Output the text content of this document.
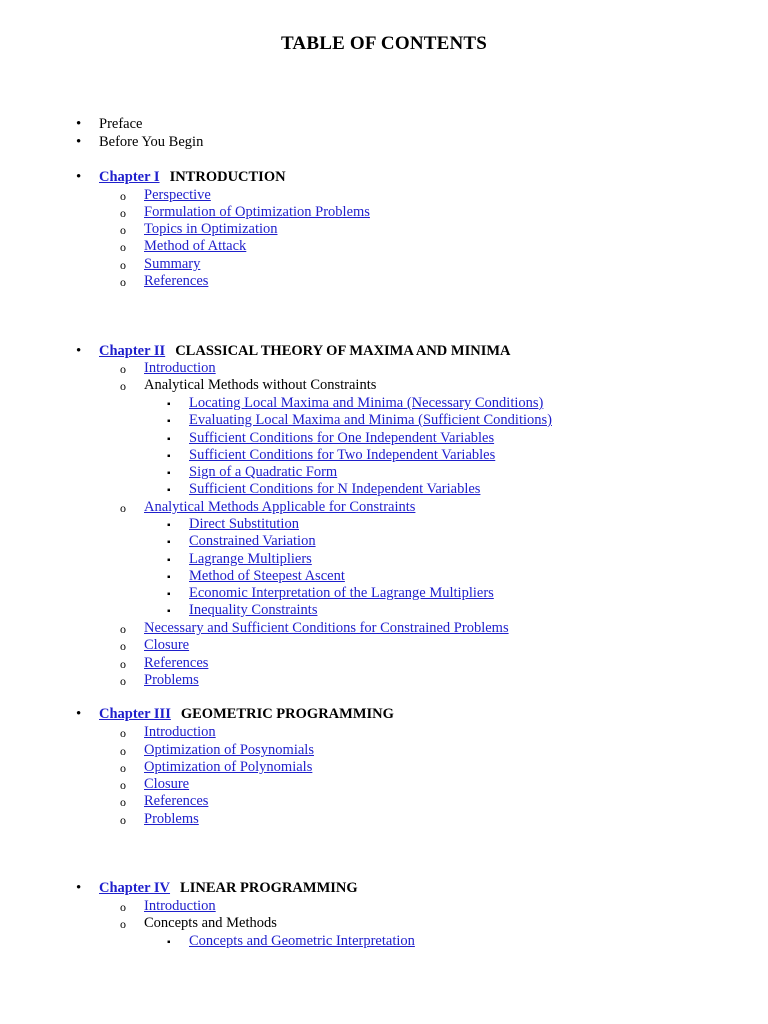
TABLE OF CONTENTS
• Preface
• Before You Begin
• Chapter I INTRODUCTION
o Perspective
o Formulation of Optimization Problems
o Topics in Optimization
o Method of Attack
o Summary
o References
• Chapter II CLASSICAL THEORY OF MAXIMA AND MINIMA
o Introduction
o Analytical Methods without Constraints
▪ Locating Local Maxima and Minima (Necessary Conditions)
▪ Evaluating Local Maxima and Minima (Sufficient Conditions)
▪ Sufficient Conditions for One Independent Variables
▪ Sufficient Conditions for Two Independent Variables
▪ Sign of a Quadratic Form
▪ Sufficient Conditions for N Independent Variables
o Analytical Methods Applicable for Constraints
▪ Direct Substitution
▪ Constrained Variation
▪ Lagrange Multipliers
▪ Method of Steepest Ascent
▪ Economic Interpretation of the Lagrange Multipliers
▪ Inequality Constraints
o Necessary and Sufficient Conditions for Constrained Problems
o Closure
o References
o Problems
• Chapter III GEOMETRIC PROGRAMMING
o Introduction
o Optimization of Posynomials
o Optimization of Polynomials
o Closure
o References
o Problems
• Chapter IV LINEAR PROGRAMMING
o Introduction
o Concepts and Methods
▪ Concepts and Geometric Interpretation
